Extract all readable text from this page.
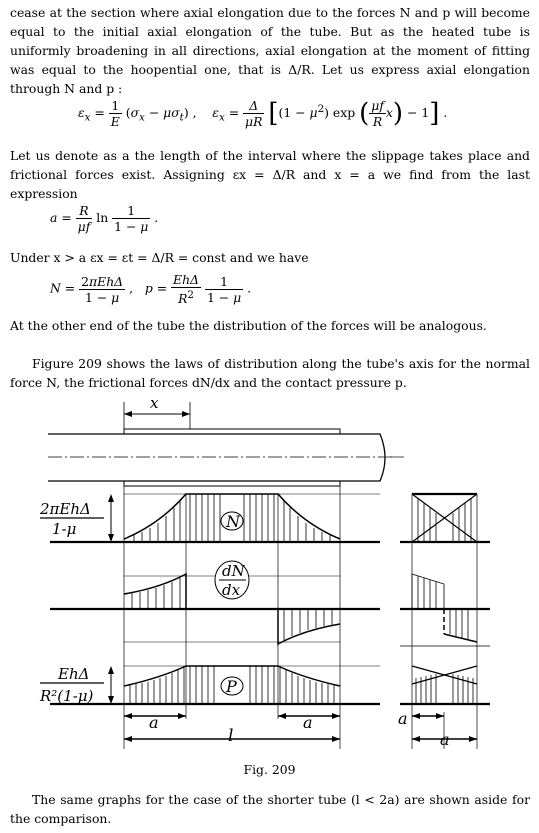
cease at the section where axial elongation due to the forces N and p will become equal to the initial axial elongation of the tube. But as the heated tube is uniformly broadening in all directions, axial elongation at the moment of fitting was equal to the hoopential one, that is Δ/R. Let us express axial elongation through N and p :

$\varepsilon_x = \frac{1}{E} (\sigma_x - \mu\sigma_t)$ ,    $\varepsilon_x = \frac{\Delta}{\mu R} [(1 - \mu^2)$ exp ( $\frac{\mu f}{R} x) - 1$] .

Let us denote as a the length of the interval where the slippage takes place and frictional forces exist. Assigning εx = Δ/R and x = a we find from the last expression

$a = \frac{R}{\mu f}$ $\ln \frac{1}{1 - \mu}$ .

Under x > a εx = εt = Δ/R = const and we have

N = 2πEhΔ
1 − μ
,   p =
EhΔ
$R^2$
$\frac{1}{1 - \mu}$ .

At the other end of the tube the distribution of the forces will be analogous.

Figure 209 shows the laws of distribution along the tube's axis for the normal force N, the frictional forces dN/dx and the contact pressure p.

x
N
2πEhΔ
1-μ
dN
dx
P
EhΔ
R²(1-μ)
a	a
l
a
a
Fig. 209

The same graphs for the case of the shorter tube (l < 2a) are shown aside for the comparison.
